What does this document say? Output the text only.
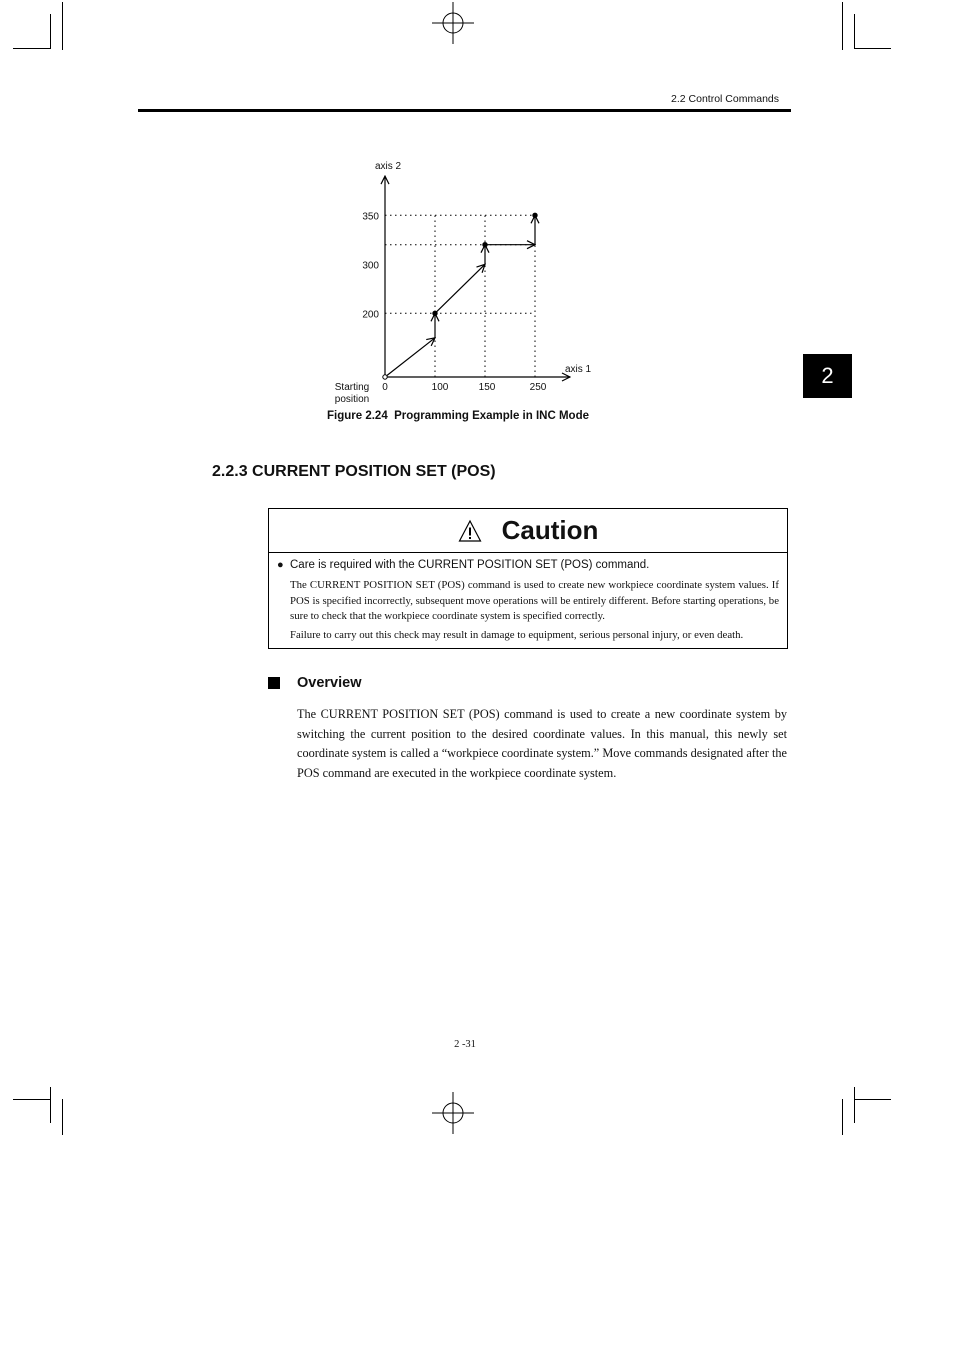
2.2 Control Commands
2
0	100	150	250
200
300
350
axis 1
axis 2
Starting
position
Figure 2.24  Programming Example in INC Mode
2.2.3 CURRENT POSITION SET (POS)
Caution
● Care is required with the CURRENT POSITION SET (POS) command.

The CURRENT POSITION SET (POS) command is used to create new workpiece coordinate system values. If POS is specified incorrectly, subsequent move operations will be entirely different. Before starting operations, be sure to check that the workpiece coordinate system is specified correctly.

Failure to carry out this check may result in damage to equipment, serious personal injury, or even death.

Overview

The CURRENT POSITION SET (POS) command is used to create a new coordinate system by switching the current position to the desired coordinate values. In this manual, this newly set coordinate system is called a “workpiece coordinate system.” Move commands designated after the POS command are executed in the workpiece coordinate system.

2 -31
